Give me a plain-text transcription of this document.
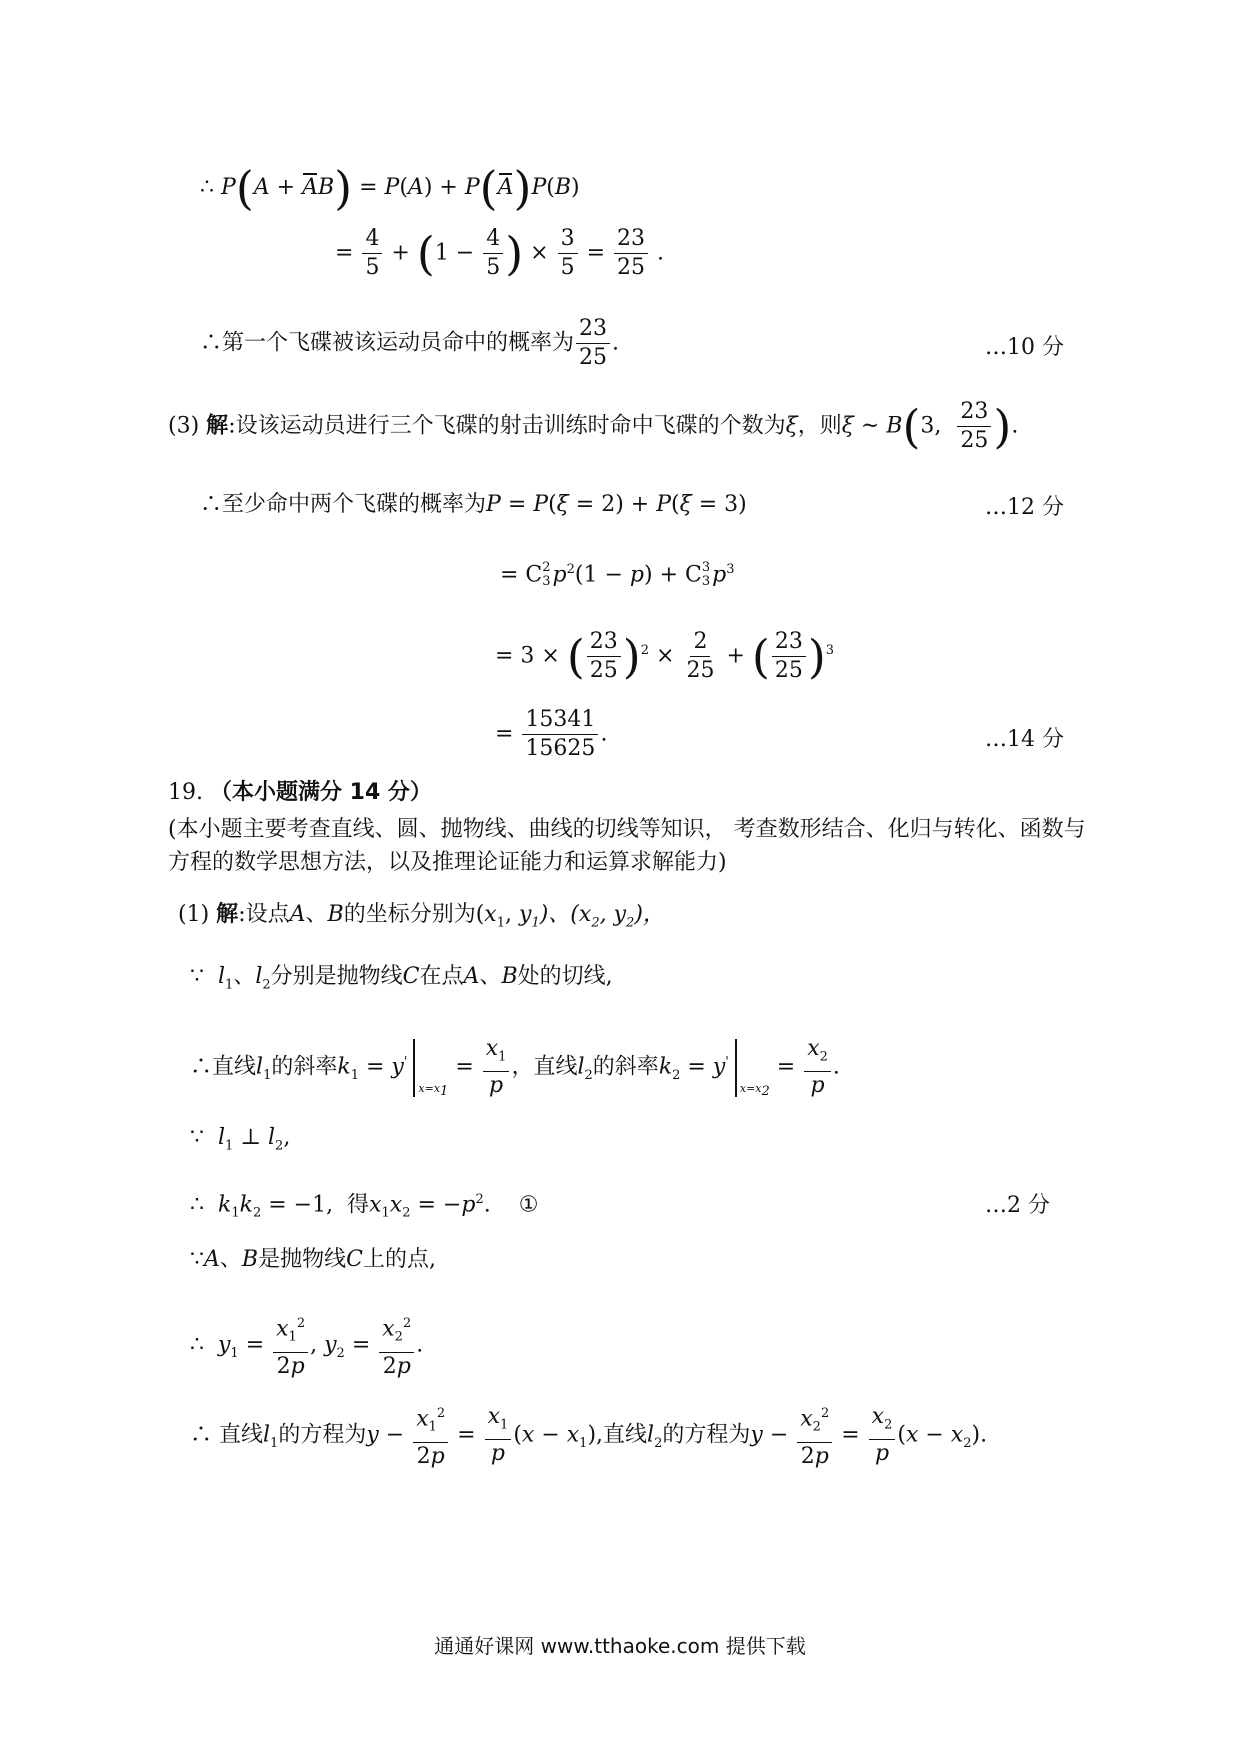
∴ P(A + AB) = P(A) + P(A)P(B)
= $\frac{4}{5} + (1 - \frac{4}{5}$ ) × $\frac{3}{5} = \frac{23}{25}$ .
∴第一个飞碟被该运动员命中的概率为 $\frac{23}{25}$ .	…10 分
(3) 解:设该运动员进行三个飞碟的射击训练时命中飞碟的个数为ξ，则ξ ~ B(3, $\frac{23}{25}$ ).
∴至少命中两个飞碟的概率为P = P(ξ = 2) + P(ξ = 3)	…12 分
= C 2
3 $p^2(1 - p) + C$ 3
3 $p^3$
= 3 × ( $\frac{23}{25} )^2 \times \frac{2}{25}$ + ( $\frac{23}{25} )^3$
= $\frac{15341}{15625}$ .	…14 分
19. （本小题满分 14 分）
(本小题主要考查直线、圆、抛物线、曲线的切线等知识， 考查数形结合、化归与转化、函数与
方程的数学思想方法，以及推理论证能力和运算求解能力)
(1) 解:设点A、B的坐标分别为($x_1$, $y_1$)、($x_2$, $y_2$)，
∵  $l_1$、$l_2$分别是抛物线C在点A、B处的切线,
∴直线$l_1$的斜率$k_1 = y'_{x=x_1} = \frac{x_1}{p}$ ，直线$l_2$的斜率$k_2 = y'_{x=x_2} = \frac{x_2}{p}$ .
∵  $l_1$ ⊥ $l_2$,
∴  $k_1k_2 = -1$,  得$x_1x_2 = -p^2$.    ①	…2 分
∵A、B是抛物线C上的点,
∴  $y_1 = \frac{x_1^2}{2p}$ , $y_2 = \frac{x_2^2}{2p}$ .
∴ 直线$l_1$的方程为$y - \frac{x_1^2}{2p} = \frac{x_1}{p} (x - x_1)$,直线$l_2$的方程为$y - \frac{x_2^2}{2p} = \frac{x_2}{p} (x - x_2)$.
通通好课网 www.tthaoke.com 提供下载
